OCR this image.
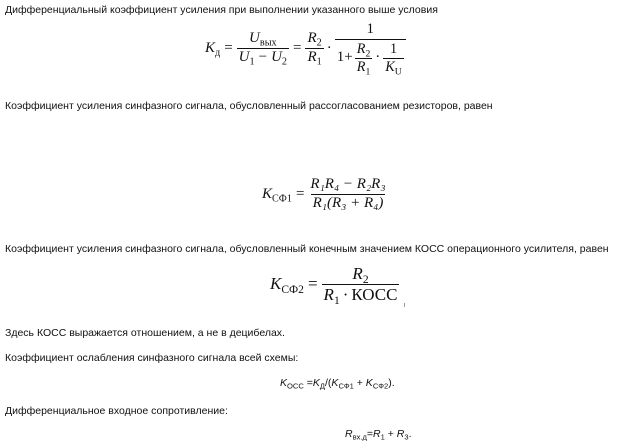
Дифференциальный коэффициент усиления при выполнении указанного выше условия
Коэффициент усиления синфазного сигнала, обусловленный рассогласованием резисторов, равен
Коэффициент усиления синфазного сигнала, обусловленный конечным значением КОСС операционного усилителя, равен
Здесь КОСС выражается отношением, а не в децибелах.
Коэффициент ослабления синфазного сигнала всей схемы:
Дифференциальное входное сопротивление:
$K_д = \frac{U_{вых}}{U_1 - U_2} = \frac{R_2}{R_1}$ ·
1
$1+ \frac{R_2}{R_1} \cdot \frac{1}{K_U}$
$K_{СФ1} = \frac{\text{R₁R₄ − R₂R₃}}{\text{R₁(R₃ + R₄)}}$
$K_{СФ2} = \frac{R_2}{R_1 \cdot КОСС}$
$K_{ОСС} =K_Д/(K_{СФ1} + K_{СФ2})$.
$R_{вх.д}=R_1 + R_3$.
